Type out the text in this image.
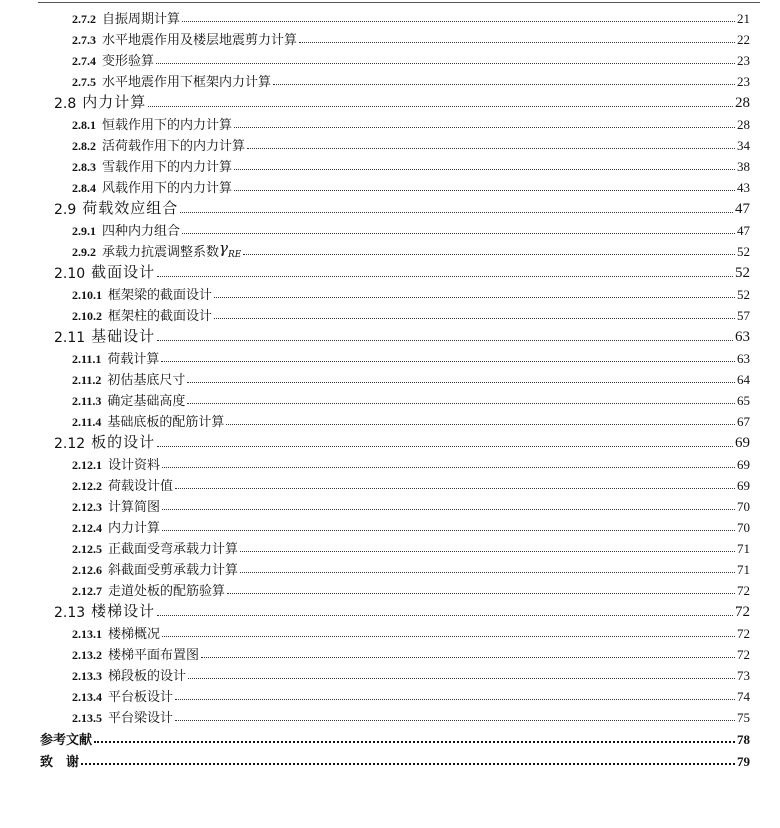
2.7.2 自振周期计算	21
2.7.3 水平地震作用及楼层地震剪力计算	22
2.7.4 变形验算	23
2.7.5 水平地震作用下框架内力计算	23
2.8 内力计算	28
2.8.1 恒载作用下的内力计算	28
2.8.2 活荷载作用下的内力计算	34
2.8.3 雪载作用下的内力计算	38
2.8.4 风载作用下的内力计算	43
2.9 荷载效应组合	47
2.9.1 四种内力组合	47
2.9.2 承载力抗震调整系数 $\gamma_{RE}$	52
2.10 截面设计	52
2.10.1 框架梁的截面设计	52
2.10.2 框架柱的截面设计	57
2.11 基础设计	63
2.11.1 荷载计算	63
2.11.2 初估基底尺寸	64
2.11.3 确定基础高度	65
2.11.4 基础底板的配筋计算	67
2.12 板的设计	69
2.12.1 设计资料	69
2.12.2 荷载设计值	69
2.12.3 计算简图	70
2.12.4 内力计算	70
2.12.5 正截面受弯承载力计算	71
2.12.6 斜截面受剪承载力计算	71
2.12.7 走道处板的配筋验算	72
2.13 楼梯设计	72
2.13.1 楼梯概况	72
2.13.2 楼梯平面布置图	72
2.13.3 梯段板的设计	73
2.13.4 平台板设计	74
2.13.5 平台梁设计	75
参考文献	78
致　谢	79
